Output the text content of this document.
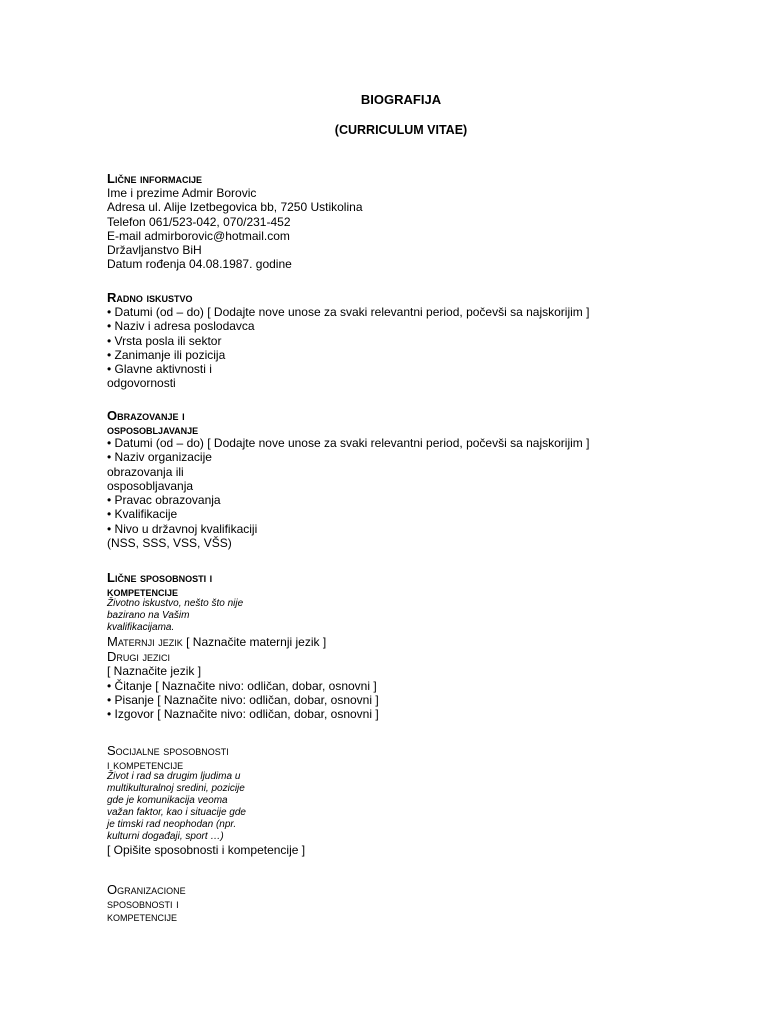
BIOGRAFIJA
(CURRICULUM VITAE)
Lične informacije
Ime i prezime Admir Borovic
Adresa ul. Alije Izetbegovica bb, 7250 Ustikolina
Telefon 061/523-042, 070/231-452
E-mail admirborovic@hotmail.com
Državljanstvo BiH
Datum rođenja 04.08.1987. godine
Radno iskustvo
• Datumi (od – do) [ Dodajte nove unose za svaki relevantni period, počevši sa najskorijim ]
• Naziv i adresa poslodavca
• Vrsta posla ili sektor
• Zanimanje ili pozicija
• Glavne aktivnosti i
odgovornosti
Obrazovanje i
osposobljavanje
• Datumi (od – do) [ Dodajte nove unose za svaki relevantni period, počevši sa najskorijim ]
• Naziv organizacije
obrazovanja ili
osposobljavanja
• Pravac obrazovanja
• Kvalifikacije
• Nivo u državnoj kvalifikaciji
(NSS, SSS, VSS, VŠS)
Lične sposobnosti i
kompetencije
Životno iskustvo, nešto što nije
bazirano na Vašim
kvalifikacijama.
Maternji jezik [ Naznačite maternji jezik ]
Drugi jezici
[ Naznačite jezik ]
• Čitanje [ Naznačite nivo: odličan, dobar, osnovni ]
• Pisanje [ Naznačite nivo: odličan, dobar, osnovni ]
• Izgovor [ Naznačite nivo: odličan, dobar, osnovni ]
Socijalne sposobnosti
i kompetencije
Život i rad sa drugim ljudima u
multikulturalnoj sredini, pozicije
gde je komunikacija veoma
važan faktor, kao i situacije gde
je timski rad neophodan (npr.
kulturni događaji, sport …)
[ Opišite sposobnosti i kompetencije ]
Ogranizacione
sposobnosti i
kompetencije
